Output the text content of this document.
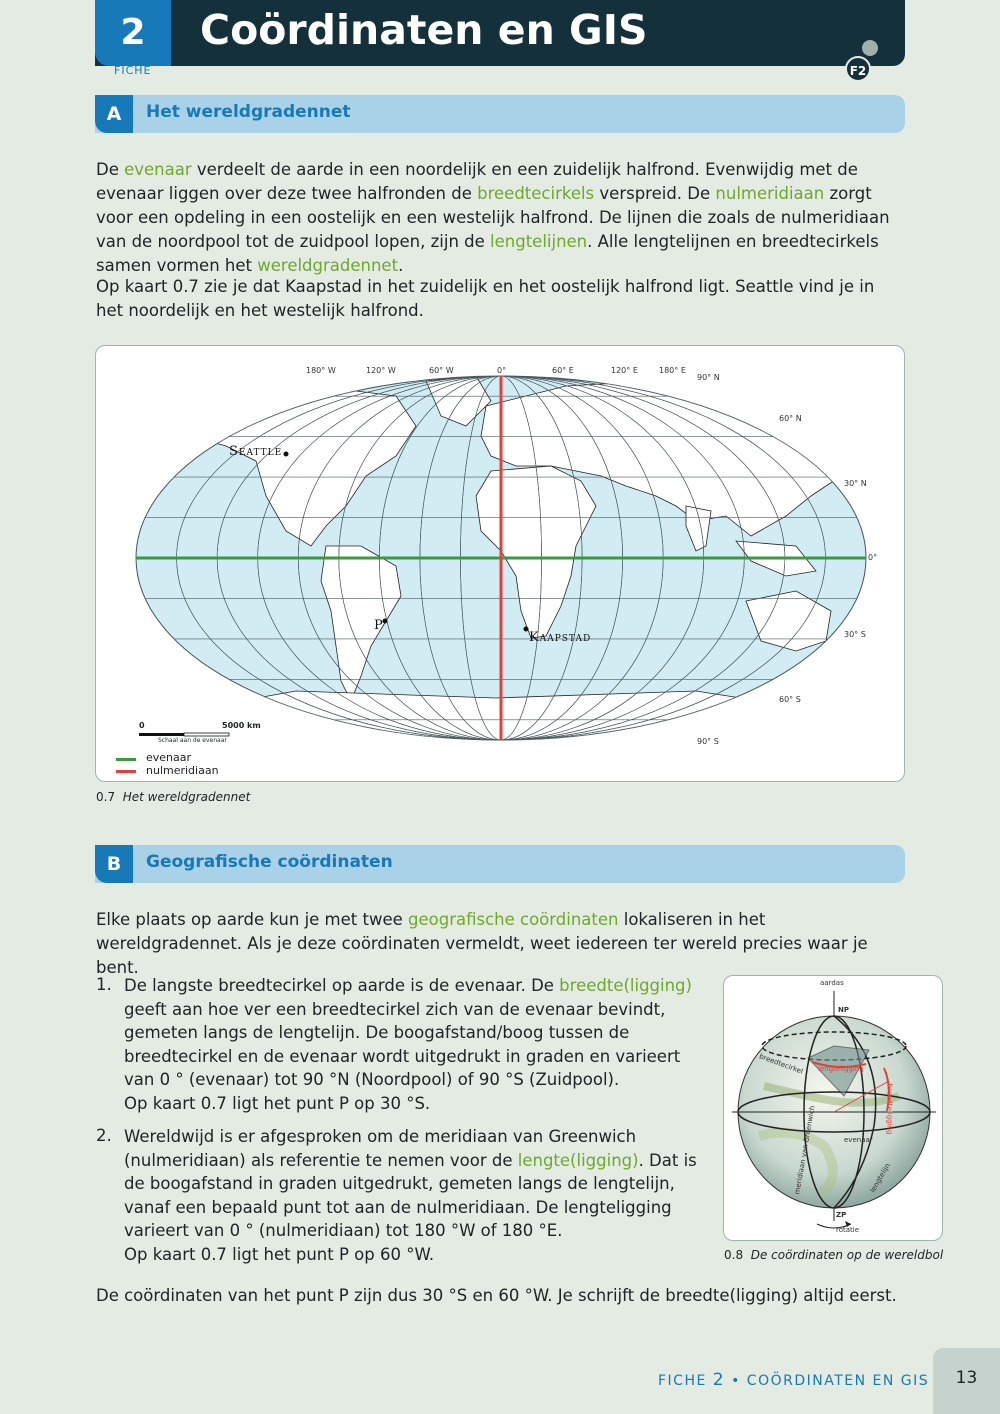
2
FICHE
Coördinaten en GIS
F2
A	Het wereldgradennet
De evenaar verdeelt de aarde in een noordelijk en een zuidelijk halfrond. Evenwijdig met de evenaar liggen over deze twee halfronden de breedtecirkels verspreid. De nulmeridiaan zorgt voor een opdeling in een oostelijk en een westelijk halfrond. De lijnen die zoals de nulmeridiaan van de noordpool tot de zuidpool lopen, zijn de lengtelijnen. Alle lengtelijnen en breedtecirkels samen vormen het wereldgradennet.
Op kaart 0.7 zie je dat Kaapstad in het zuidelijk en het oostelijk halfrond ligt. Seattle vind je in het noordelijk en het westelijk halfrond.
180° W	120° W	60° W	0°	60° E	120° E	180° E
90° N
60° N
30° N
0°
30° S
60° S
90° S
Seattle
P
Kaapstad
0	5000 km
Schaal aan de evenaar
evenaar
nulmeridiaan
0.7 Het wereldgradennet
B	Geografische coördinaten
Elke plaats op aarde kun je met twee geografische coördinaten lokaliseren in het wereldgradennet. Als je deze coördinaten vermeldt, weet iedereen ter wereld precies waar je bent.
1. De langste breedtecirkel op aarde is de evenaar. De breedte(ligging) geeft aan hoe ver een breedtecirkel zich van de evenaar bevindt, gemeten langs de lengtelijn. De boogafstand/boog tussen de breedtecirkel en de evenaar wordt uitgedrukt in graden en varieert van 0 ° (evenaar) tot 90 °N (Noordpool) of 90 °S (Zuidpool).
Op kaart 0.7 ligt het punt P op 30 °S.
2. Wereldwijd is er afgesproken om de meridiaan van Greenwich (nulmeridiaan) als referentie te nemen voor de lengte(ligging). Dat is de boogafstand in graden uitgedrukt, gemeten langs de lengtelijn, vanaf een bepaald punt tot aan de nulmeridiaan. De lengteligging varieert van 0 ° (nulmeridiaan) tot 180 °W of 180 °E.
Op kaart 0.7 ligt het punt P op 60 °W.
aardas
NP
breedtecirkel lengteligging
breedteligging
evenaar
meridiaan van Greenwich	lengtelijn
ZP
rotatie
0.8 De coördinaten op de wereldbol
De coördinaten van het punt P zijn dus 30 °S en 60 °W. Je schrijft de breedte(ligging) altijd eerst.
FICHE 2 • COÖRDINATEN EN GIS	13
